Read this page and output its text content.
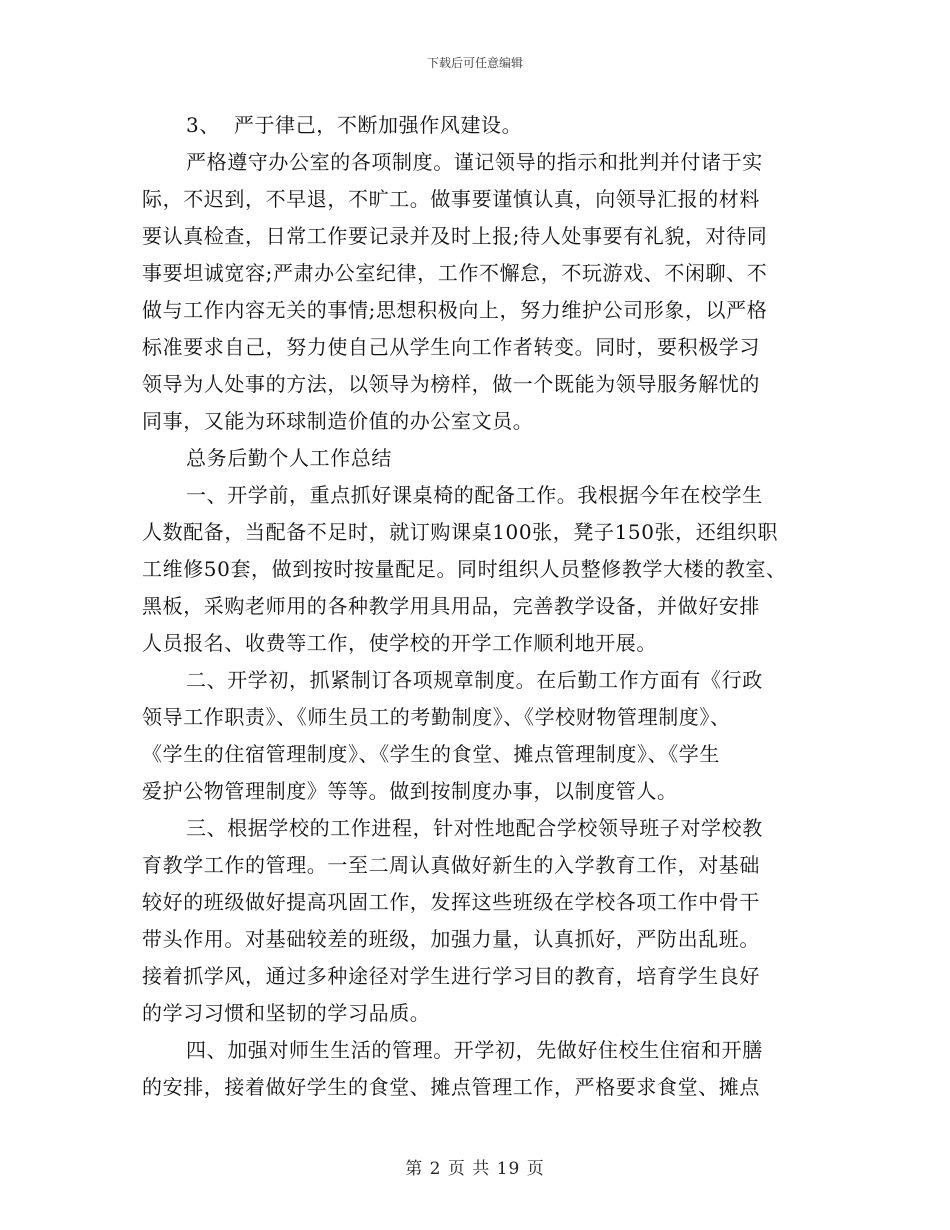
下载后可任意编辑
3、  严于律己，不断加强作风建设。
严格遵守办公室的各项制度。谨记领导的指示和批判并付诸于实
际，不迟到，不早退，不旷工。做事要谨慎认真，向领导汇报的材料
要认真检查，日常工作要记录并及时上报;待人处事要有礼貌，对待同
事要坦诚宽容;严肃办公室纪律，工作不懈怠，不玩游戏、不闲聊、不
做与工作内容无关的事情;思想积极向上，努力维护公司形象，以严格
标准要求自己，努力使自己从学生向工作者转变。同时，要积极学习
领导为人处事的方法，以领导为榜样，做一个既能为领导服务解忧的
同事，又能为环球制造价值的办公室文员。
总务后勤个人工作总结
一、开学前，重点抓好课桌椅的配备工作。我根据今年在校学生
人数配备，当配备不足时，就订购课桌100张，凳子150张，还组织职
工维修50套，做到按时按量配足。同时组织人员整修教学大楼的教室、
黑板，采购老师用的各种教学用具用品，完善教学设备，并做好安排
人员报名、收费等工作，使学校的开学工作顺利地开展。
二、开学初，抓紧制订各项规章制度。在后勤工作方面有《行政
领导工作职责》、《师生员工的考勤制度》、《学校财物管理制度》、
《学生的住宿管理制度》、《学生的食堂、摊点管理制度》、《学生
爱护公物管理制度》等等。做到按制度办事，以制度管人。
三、根据学校的工作进程，针对性地配合学校领导班子对学校教
育教学工作的管理。一至二周认真做好新生的入学教育工作，对基础
较好的班级做好提高巩固工作，发挥这些班级在学校各项工作中骨干
带头作用。对基础较差的班级，加强力量，认真抓好，严防出乱班。
接着抓学风，通过多种途径对学生进行学习目的教育，培育学生良好
的学习习惯和坚韧的学习品质。
四、加强对师生生活的管理。开学初，先做好住校生住宿和开膳
的安排，接着做好学生的食堂、摊点管理工作，严格要求食堂、摊点
第 2 页 共 19 页
